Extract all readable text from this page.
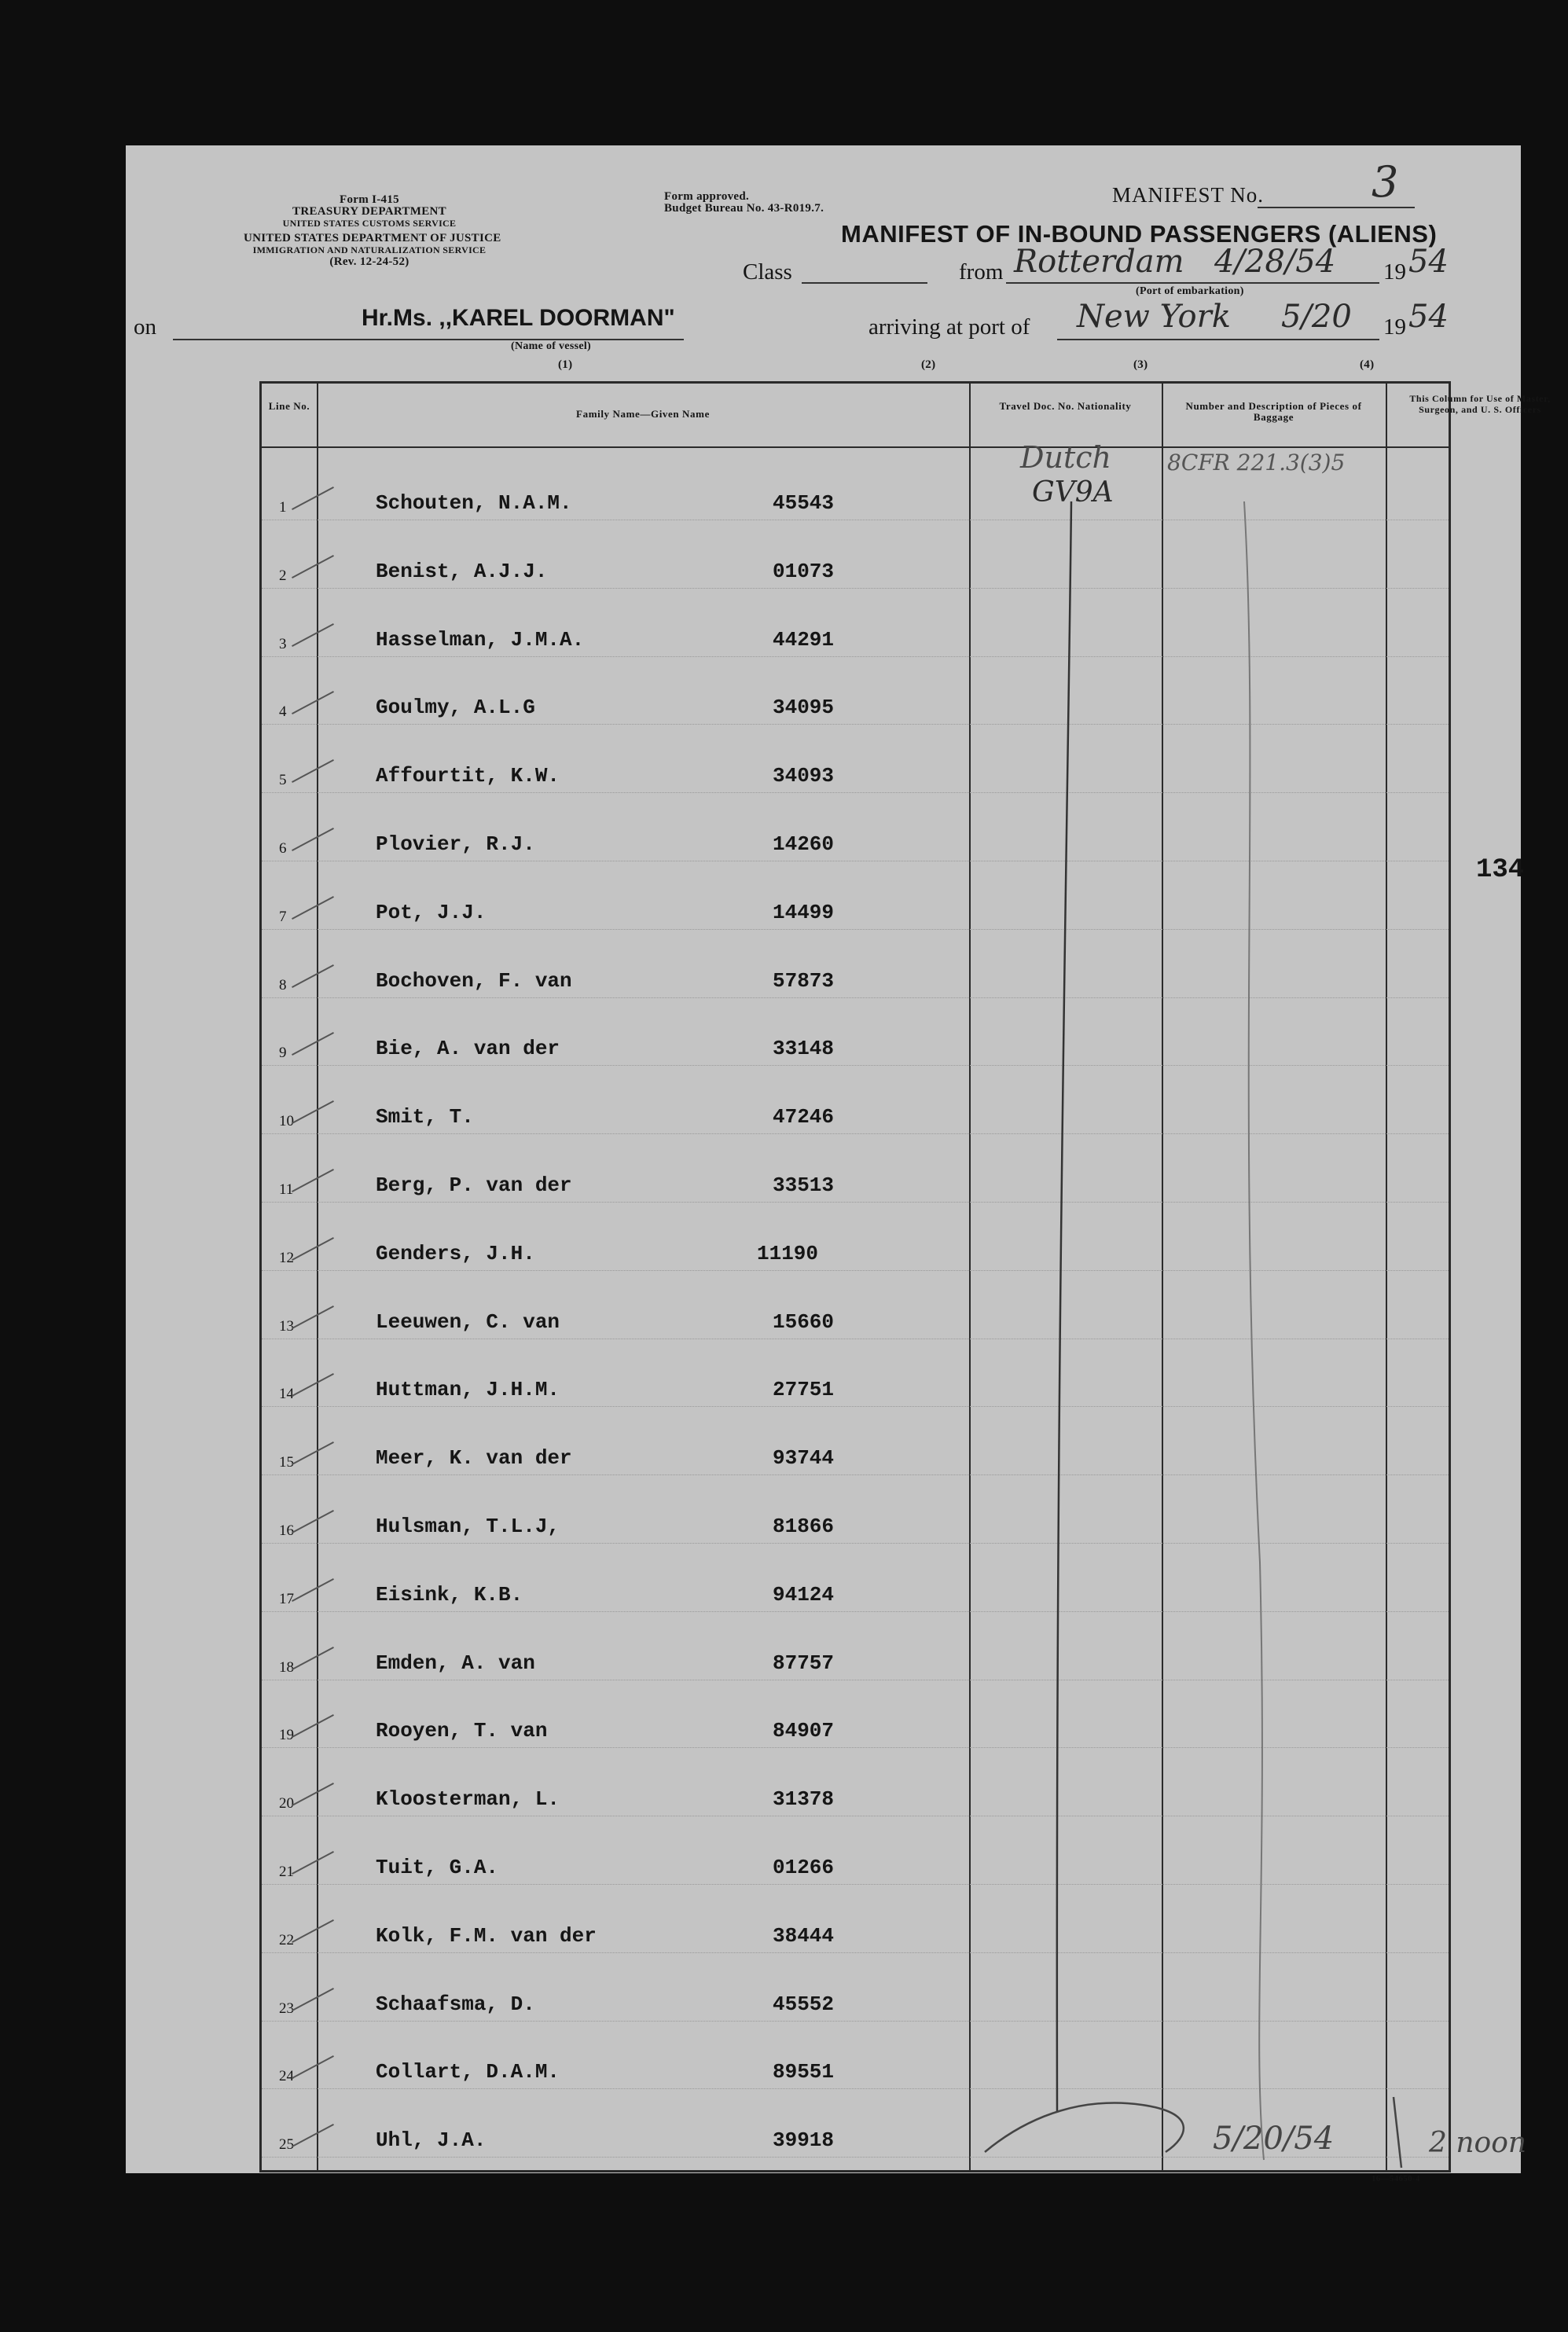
Form I-415
TREASURY DEPARTMENT
UNITED STATES CUSTOMS SERVICE
UNITED STATES DEPARTMENT OF JUSTICE
IMMIGRATION AND NATURALIZATION SERVICE
(Rev. 12-24-52)
Form approved.
Budget Bureau No. 43-R019.7.
MANIFEST No.	3
MANIFEST OF IN-BOUND PASSENGERS (ALIENS)
Class	from Rotterdam 4/28/54 19 54
(Port of embarkation)
on	Hr.Ms. ,,KAREL DOORMAN"
(Name of vessel)
arriving at port of New York 5/20 19 54
(1)	(2)	(3)	(4)
Line No.
Family Name—Given Name
Travel Doc. No. Nationality	Number and Description of Pieces of Baggage
This Column for Use of Master, Surgeon, and U. S. Officers
1	Schouten, N.A.M.	45543
2	Benist, A.J.J.	01073
3	Hasselman, J.M.A.	44291
4	Goulmy, A.L.G	34095
5	Affourtit, K.W.	34093
6	Plovier, R.J.	14260
7	Pot, J.J.	14499
8	Bochoven, F. van	57873
9	Bie, A. van der	33148
10	Smit, T.	47246
11	Berg, P. van der	33513
12	Genders, J.H.	11190
13	Leeuwen, C. van	15660
14	Huttman, J.H.M.	27751
15	Meer, K. van der	93744
16	Hulsman, T.L.J,	81866
17	Eisink, K.B.	94124
18	Emden, A. van	87757
19	Rooyen, T. van	84907
20	Kloosterman, L.	31378
21	Tuit, G.A.	01266
22	Kolk, F.M. van der	38444
23	Schaafsma, D.	45552
24	Collart, D.A.M.	89551
25	Uhl, J.A.	39918
Dutch
GV9A
8CFR 221.3(3)5
134
5/20/54	2 noon
16—54650-4
